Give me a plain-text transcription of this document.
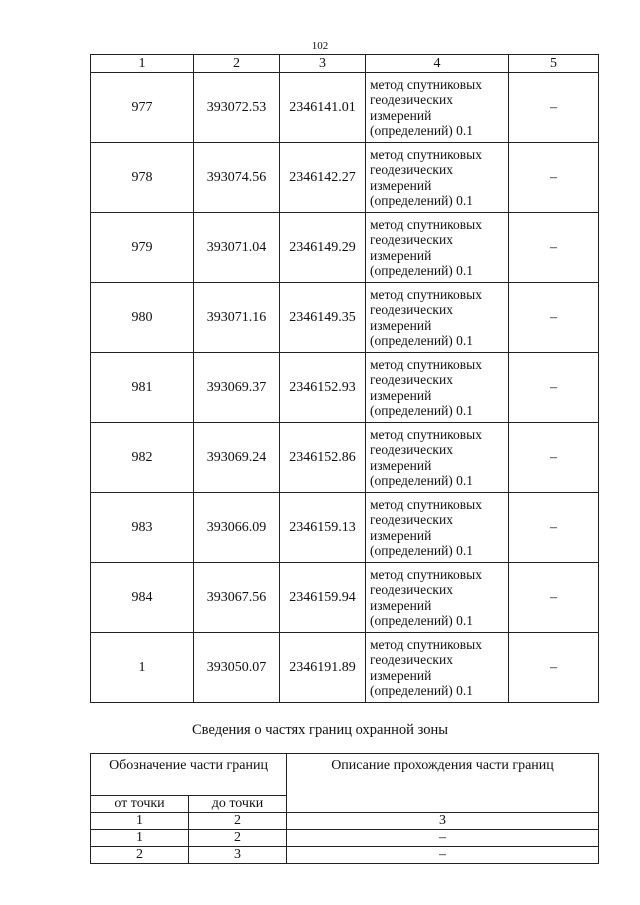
102
1	2	3	4	5
977	393072.53	2346141.01	метод спутниковых
геодезических
измерений
(определений) 0.1	–
978	393074.56	2346142.27	метод спутниковых
геодезических
измерений
(определений) 0.1	–
979	393071.04	2346149.29	метод спутниковых
геодезических
измерений
(определений) 0.1	–
980	393071.16	2346149.35	метод спутниковых
геодезических
измерений
(определений) 0.1	–
981	393069.37	2346152.93	метод спутниковых
геодезических
измерений
(определений) 0.1	–
982	393069.24	2346152.86	метод спутниковых
геодезических
измерений
(определений) 0.1	–
983	393066.09	2346159.13	метод спутниковых
геодезических
измерений
(определений) 0.1	–
984	393067.56	2346159.94	метод спутниковых
геодезических
измерений
(определений) 0.1	–
1	393050.07	2346191.89	метод спутниковых
геодезических
измерений
(определений) 0.1	–
Сведения о частях границ охранной зоны
Обозначение части границ		Описание прохождения части границ
от точки	до точки	
1	2	3
1	2	–
2	3	–
